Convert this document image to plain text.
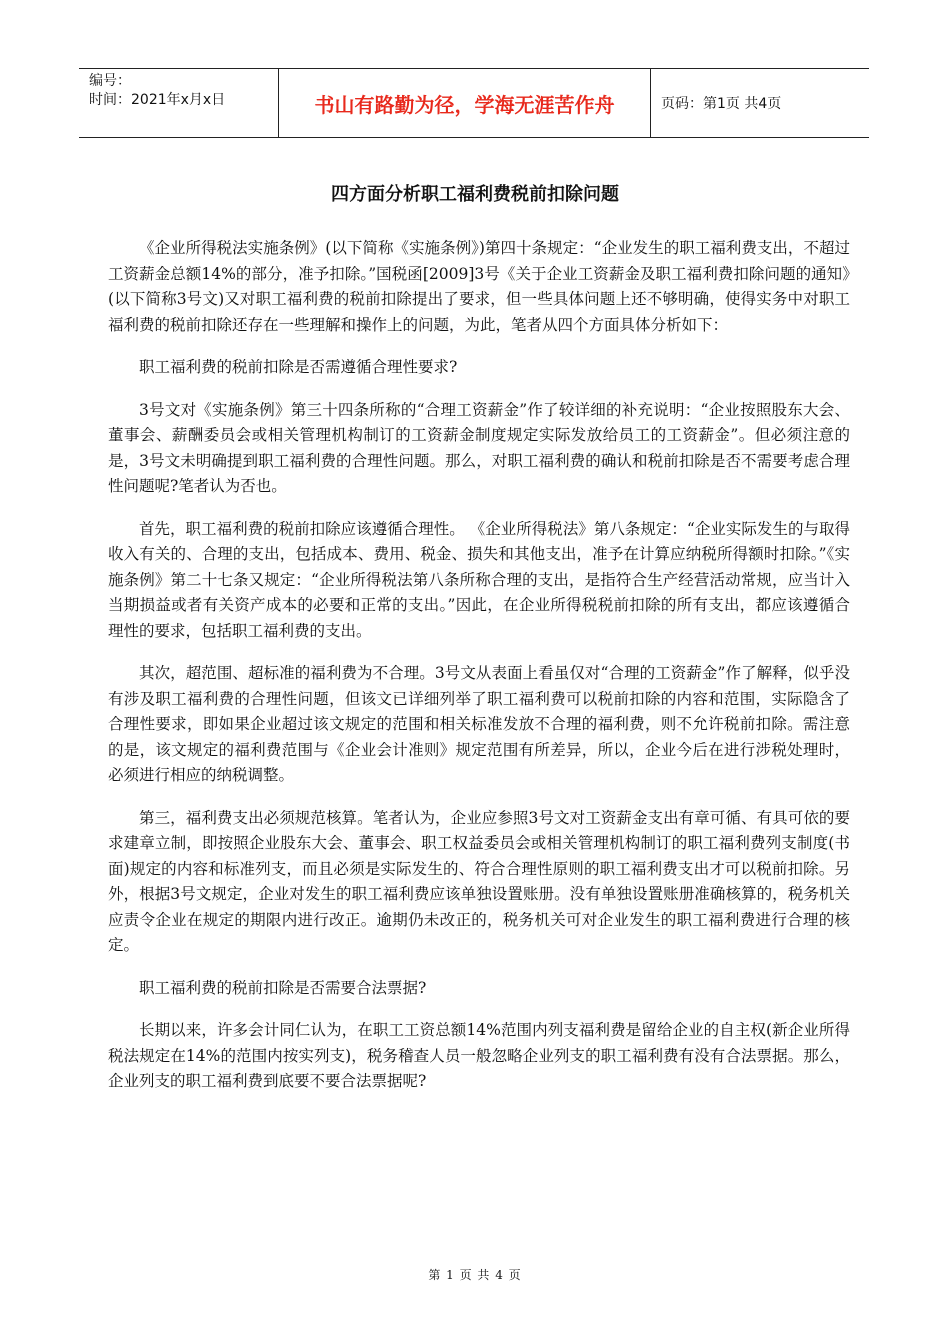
编号：
时间：2021年x月x日	书山有路勤为径，学海无涯苦作舟	页码：第1页 共4页
四方面分析职工福利费税前扣除问题

《企业所得税法实施条例》(以下简称《实施条例》)第四十条规定：“企业发生的职工福利费支出，不超过工资薪金总额14%的部分，准予扣除。”国税函[2009]3号《关于企业工资薪金及职工福利费扣除问题的通知》(以下简称3号文)又对职工福利费的税前扣除提出了要求，但一些具体问题上还不够明确，使得实务中对职工福利费的税前扣除还存在一些理解和操作上的问题，为此，笔者从四个方面具体分析如下：

职工福利费的税前扣除是否需遵循合理性要求?

3号文对《实施条例》第三十四条所称的“合理工资薪金”作了较详细的补充说明：“企业按照股东大会、董事会、薪酬委员会或相关管理机构制订的工资薪金制度规定实际发放给员工的工资薪金”。但必须注意的是，3号文未明确提到职工福利费的合理性问题。那么，对职工福利费的确认和税前扣除是否不需要考虑合理性问题呢?笔者认为否也。

首先，职工福利费的税前扣除应该遵循合理性。 《企业所得税法》第八条规定：“企业实际发生的与取得收入有关的、合理的支出，包括成本、费用、税金、损失和其他支出，准予在计算应纳税所得额时扣除。”《实施条例》第二十七条又规定：“企业所得税法第八条所称合理的支出，是指符合生产经营活动常规，应当计入当期损益或者有关资产成本的必要和正常的支出。”因此，在企业所得税税前扣除的所有支出，都应该遵循合理性的要求，包括职工福利费的支出。

其次，超范围、超标准的福利费为不合理。3号文从表面上看虽仅对“合理的工资薪金”作了解释，似乎没有涉及职工福利费的合理性问题，但该文已详细列举了职工福利费可以税前扣除的内容和范围，实际隐含了合理性要求，即如果企业超过该文规定的范围和相关标准发放不合理的福利费，则不允许税前扣除。需注意的是，该文规定的福利费范围与《企业会计准则》规定范围有所差异，所以，企业今后在进行涉税处理时，必须进行相应的纳税调整。

第三，福利费支出必须规范核算。笔者认为，企业应参照3号文对工资薪金支出有章可循、有具可依的要求建章立制，即按照企业股东大会、董事会、职工权益委员会或相关管理机构制订的职工福利费列支制度(书面)规定的内容和标准列支，而且必须是实际发生的、符合合理性原则的职工福利费支出才可以税前扣除。另外，根据3号文规定，企业对发生的职工福利费应该单独设置账册。没有单独设置账册准确核算的，税务机关应责令企业在规定的期限内进行改正。逾期仍未改正的，税务机关可对企业发生的职工福利费进行合理的核定。

职工福利费的税前扣除是否需要合法票据?

长期以来，许多会计同仁认为，在职工工资总额14%范围内列支福利费是留给企业的自主权(新企业所得税法规定在14%的范围内按实列支)，税务稽查人员一般忽略企业列支的职工福利费有没有合法票据。那么，企业列支的职工福利费到底要不要合法票据呢?

第 1 页 共 4 页
